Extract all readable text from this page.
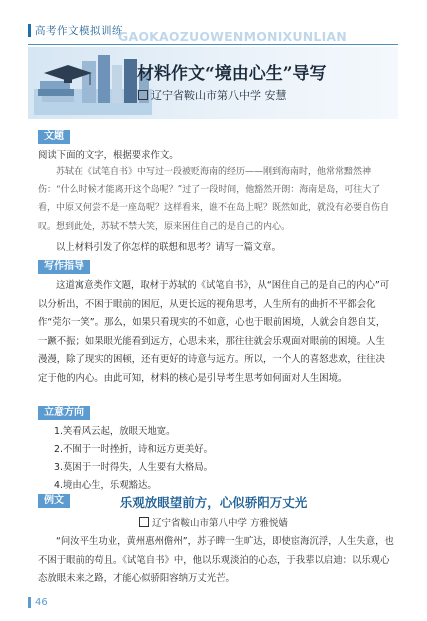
高考作文模拟训练
GAOKAOZUOWENMONIXUNLIAN
材料作文“境由心生”导写
辽宁省鞍山市第八中学 安慧
文题

阅读下面的文字，根据要求作文。

苏轼在《试笔自书》中写过一段被贬海南的经历——刚到海南时，他常常黯然神伤：“什么时候才能离开这个岛呢？”过了一段时间，他豁然开朗：海南是岛，可往大了看，中原又何尝不是一座岛呢？这样看来，谁不在岛上呢？既然如此，就没有必要自伤自叹。想到此处，苏轼不禁大笑，原来困住自己的是自己的内心。

以上材料引发了你怎样的联想和思考？请写一篇文章。

写作指导

这道寓意类作文题，取材于苏轼的《试笔自书》，从“困住自己的是自己的内心”可以分析出，不困于眼前的困厄，从更长远的视角思考，人生所有的曲折不平都会化作“莞尔一笑”。那么，如果只看现实的不如意，心也于眼前困境，人就会自怨自艾，一蹶不振；如果眼光能看到远方，心思未来，那往往就会乐观面对眼前的困境。人生漫漫，除了现实的困顿，还有更好的诗意与远方。所以，一个人的喜怒悲欢，往往决定于他的内心。由此可知，材料的核心是引导考生思考如何面对人生困境。

立意方向
1.笑看风云起，放眼天地宽。
2.不囿于一时挫折，诗和远方更美好。
3.莫困于一时得失，人生要有大格局。
4.境由心生，乐观豁达。
例文	乐观放眼望前方，心似骄阳万丈光
辽宁省鞍山市第八中学 方雅悦嫱

“问汝平生功业，黄州惠州儋州”，苏子睥一生旷达，即使宦海沉浮，人生失意，也不困于眼前的苟且。《试笔自书》中，他以乐观淡泊的心态，于我辈以启迪：以乐观心态放眼未来之路，才能心似骄阳容纳万丈光芒。

46
